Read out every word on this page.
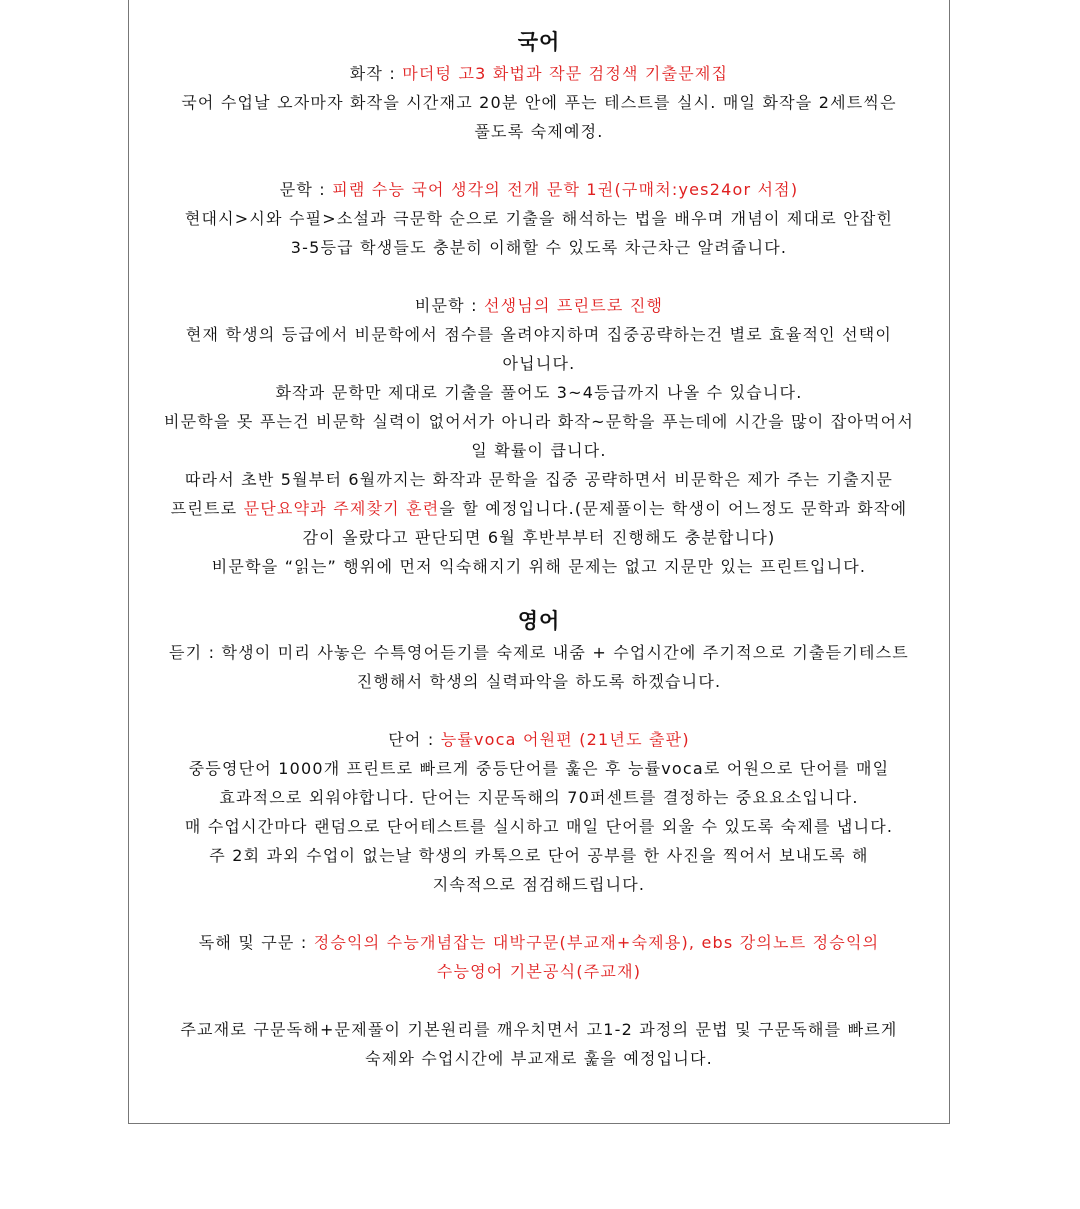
국어
화작 : 마더텅 고3 화법과 작문 검정색 기출문제집
국어 수업날 오자마자 화작을 시간재고 20분 안에 푸는 테스트를 실시. 매일 화작을 2세트씩은
풀도록 숙제예정.
문학 : 피램 수능 국어 생각의 전개 문학 1권(구매처:yes24or 서점)
현대시>시와 수필>소설과 극문학 순으로 기출을 해석하는 법을 배우며 개념이 제대로 안잡힌
3-5등급 학생들도 충분히 이해할 수 있도록 차근차근 알려줍니다.
비문학 : 선생님의 프린트로 진행
현재 학생의 등급에서 비문학에서 점수를 올려야지하며 집중공략하는건 별로 효율적인 선택이
아닙니다.
화작과 문학만 제대로 기출을 풀어도 3~4등급까지 나올 수 있습니다.
비문학을 못 푸는건 비문학 실력이 없어서가 아니라 화작~문학을 푸는데에 시간을 많이 잡아먹어서
일 확률이 큽니다.
따라서 초반 5월부터 6월까지는 화작과 문학을 집중 공략하면서 비문학은 제가 주는 기출지문
프린트로 문단요약과 주제찾기 훈련을 할 예정입니다.(문제풀이는 학생이 어느정도 문학과 화작에
감이 올랐다고 판단되면 6월 후반부부터 진행해도 충분합니다)
비문학을 “읽는” 행위에 먼저 익숙해지기 위해 문제는 없고 지문만 있는 프린트입니다.
영어
듣기 : 학생이 미리 사놓은 수특영어듣기를 숙제로 내줌 + 수업시간에 주기적으로 기출듣기테스트
진행해서 학생의 실력파악을 하도록 하겠습니다.
단어 : 능률voca 어원편 (21년도 출판)
중등영단어 1000개 프린트로 빠르게 중등단어를 훑은 후 능률voca로 어원으로 단어를 매일
효과적으로 외워야합니다. 단어는 지문독해의 70퍼센트를 결정하는 중요요소입니다.
매 수업시간마다 랜덤으로 단어테스트를 실시하고 매일 단어를 외울 수 있도록 숙제를 냅니다.
주 2회 과외 수업이 없는날 학생의 카톡으로 단어 공부를 한 사진을 찍어서 보내도록 해
지속적으로 점검해드립니다.
독해 및 구문 : 정승익의 수능개념잡는 대박구문(부교재+숙제용), ebs 강의노트 정승익의
수능영어 기본공식(주교재)
주교재로 구문독해+문제풀이 기본원리를 깨우치면서 고1-2 과정의 문법 및 구문독해를 빠르게
숙제와 수업시간에 부교재로 훑을 예정입니다.
